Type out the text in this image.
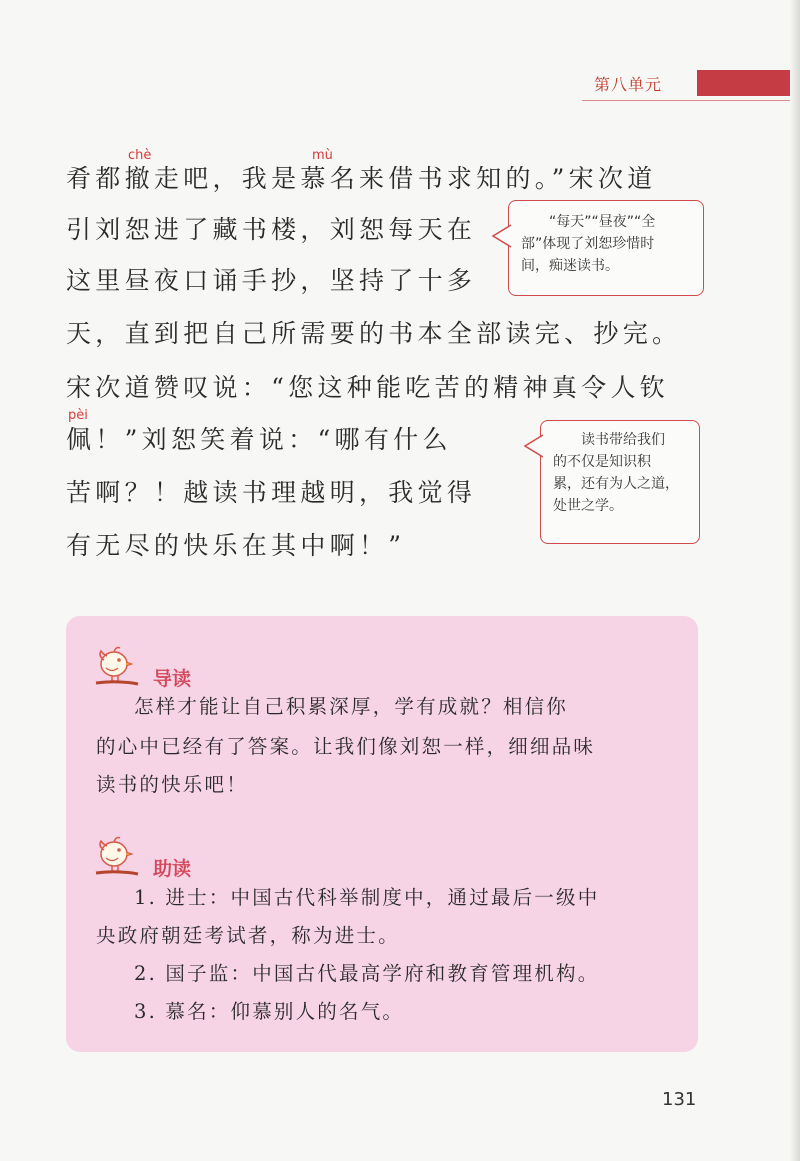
第八单元
chè	mù
pèi
肴都撤走吧，我是慕名来借书求知的。”宋次道
引刘恕进了藏书楼，刘恕每天在
这里昼夜口诵手抄，坚持了十多
天，直到把自己所需要的书本全部读完、抄完。
宋次道赞叹说：“您这种能吃苦的精神真令人钦
佩！”刘恕笑着说：“哪有什么
苦啊？！越读书理越明，我觉得
有无尽的快乐在其中啊！”

“每天”“昼夜”“全

部”体现了刘恕珍惜时

间，痴迷读书。

读书带给我们

的不仅是知识积

累，还有为人之道，

处世之学。

导读
怎样才能让自己积累深厚，学有成就？相信你
的心中已经有了答案。让我们像刘恕一样，细细品味
读书的快乐吧！
助读
1. 进士：中国古代科举制度中，通过最后一级中
央政府朝廷考试者，称为进士。
2. 国子监：中国古代最高学府和教育管理机构。
3. 慕名：仰慕别人的名气。
131
